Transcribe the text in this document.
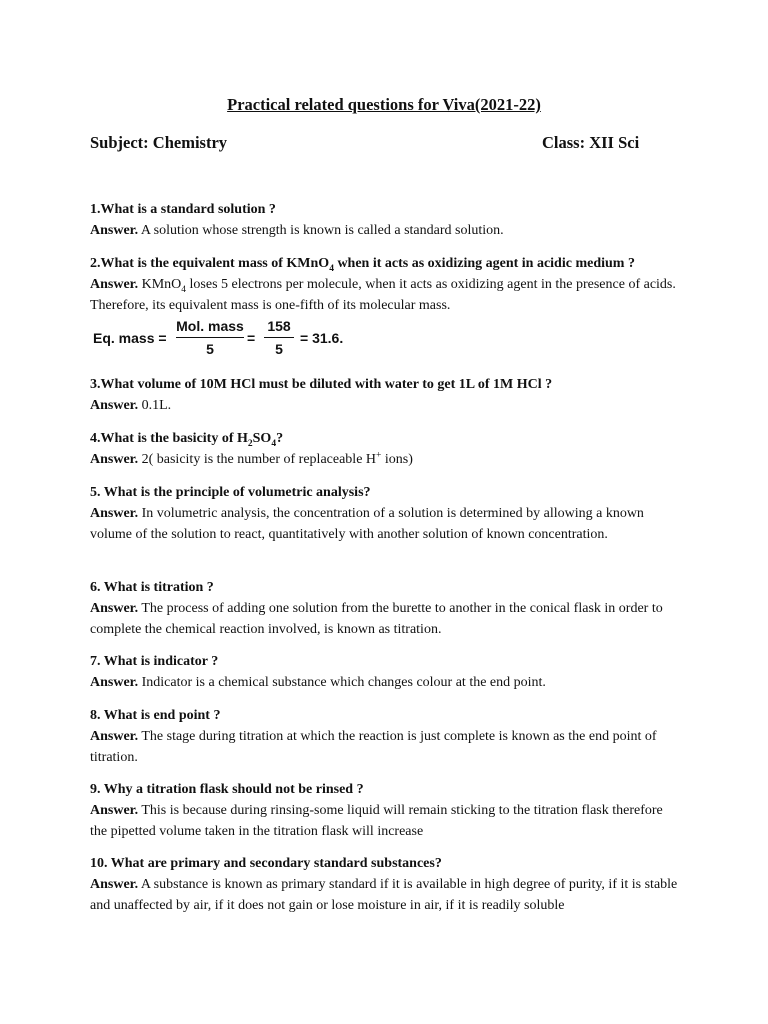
Practical related questions for Viva(2021-22)
Subject: Chemistry	Class: XII Sci
1.What is a standard solution ?
Answer. A solution whose strength is known is called a standard solution.
2.What is the equivalent mass of KMnO$_4$ when it acts as oxidizing agent in acidic medium ?
Answer. KMnO$_4$ loses 5 electrons per molecule, when it acts as oxidizing agent in the presence of acids. Therefore, its equivalent mass is one-fifth of its molecular mass.
Eq. mass =
Mol. mass
5
=
158
5
= 31.6.
3.What volume of 10M HCl must be diluted with water to get 1L of 1M HCl ?
Answer. 0.1L.
4.What is the basicity of $H_2SO_4$?
Answer. 2( basicity is the number of replaceable H+ ions)
5. What is the principle of volumetric analysis?
Answer. In volumetric analysis, the concentration of a solution is determined by allowing a known volume of the solution to react, quantitatively with another solution of known concentration.
6. What is titration ?
Answer. The process of adding one solution from the burette to another in the conical flask in order to complete the chemical reaction involved, is known as titration.
7. What is indicator ?
Answer. Indicator is a chemical substance which changes colour at the end point.
8. What is end point ?
Answer. The stage during titration at which the reaction is just complete is known as the end point of titration.
9. Why a titration flask should not be rinsed ?
Answer. This is because during rinsing-some liquid will remain sticking to the titration flask therefore the pipetted volume taken in the titration flask will increase
10. What are primary and secondary standard substances?
Answer. A substance is known as primary standard if it is available in high degree of purity, if it is stable and unaffected by air, if it does not gain or lose moisture in air, if it is readily soluble
